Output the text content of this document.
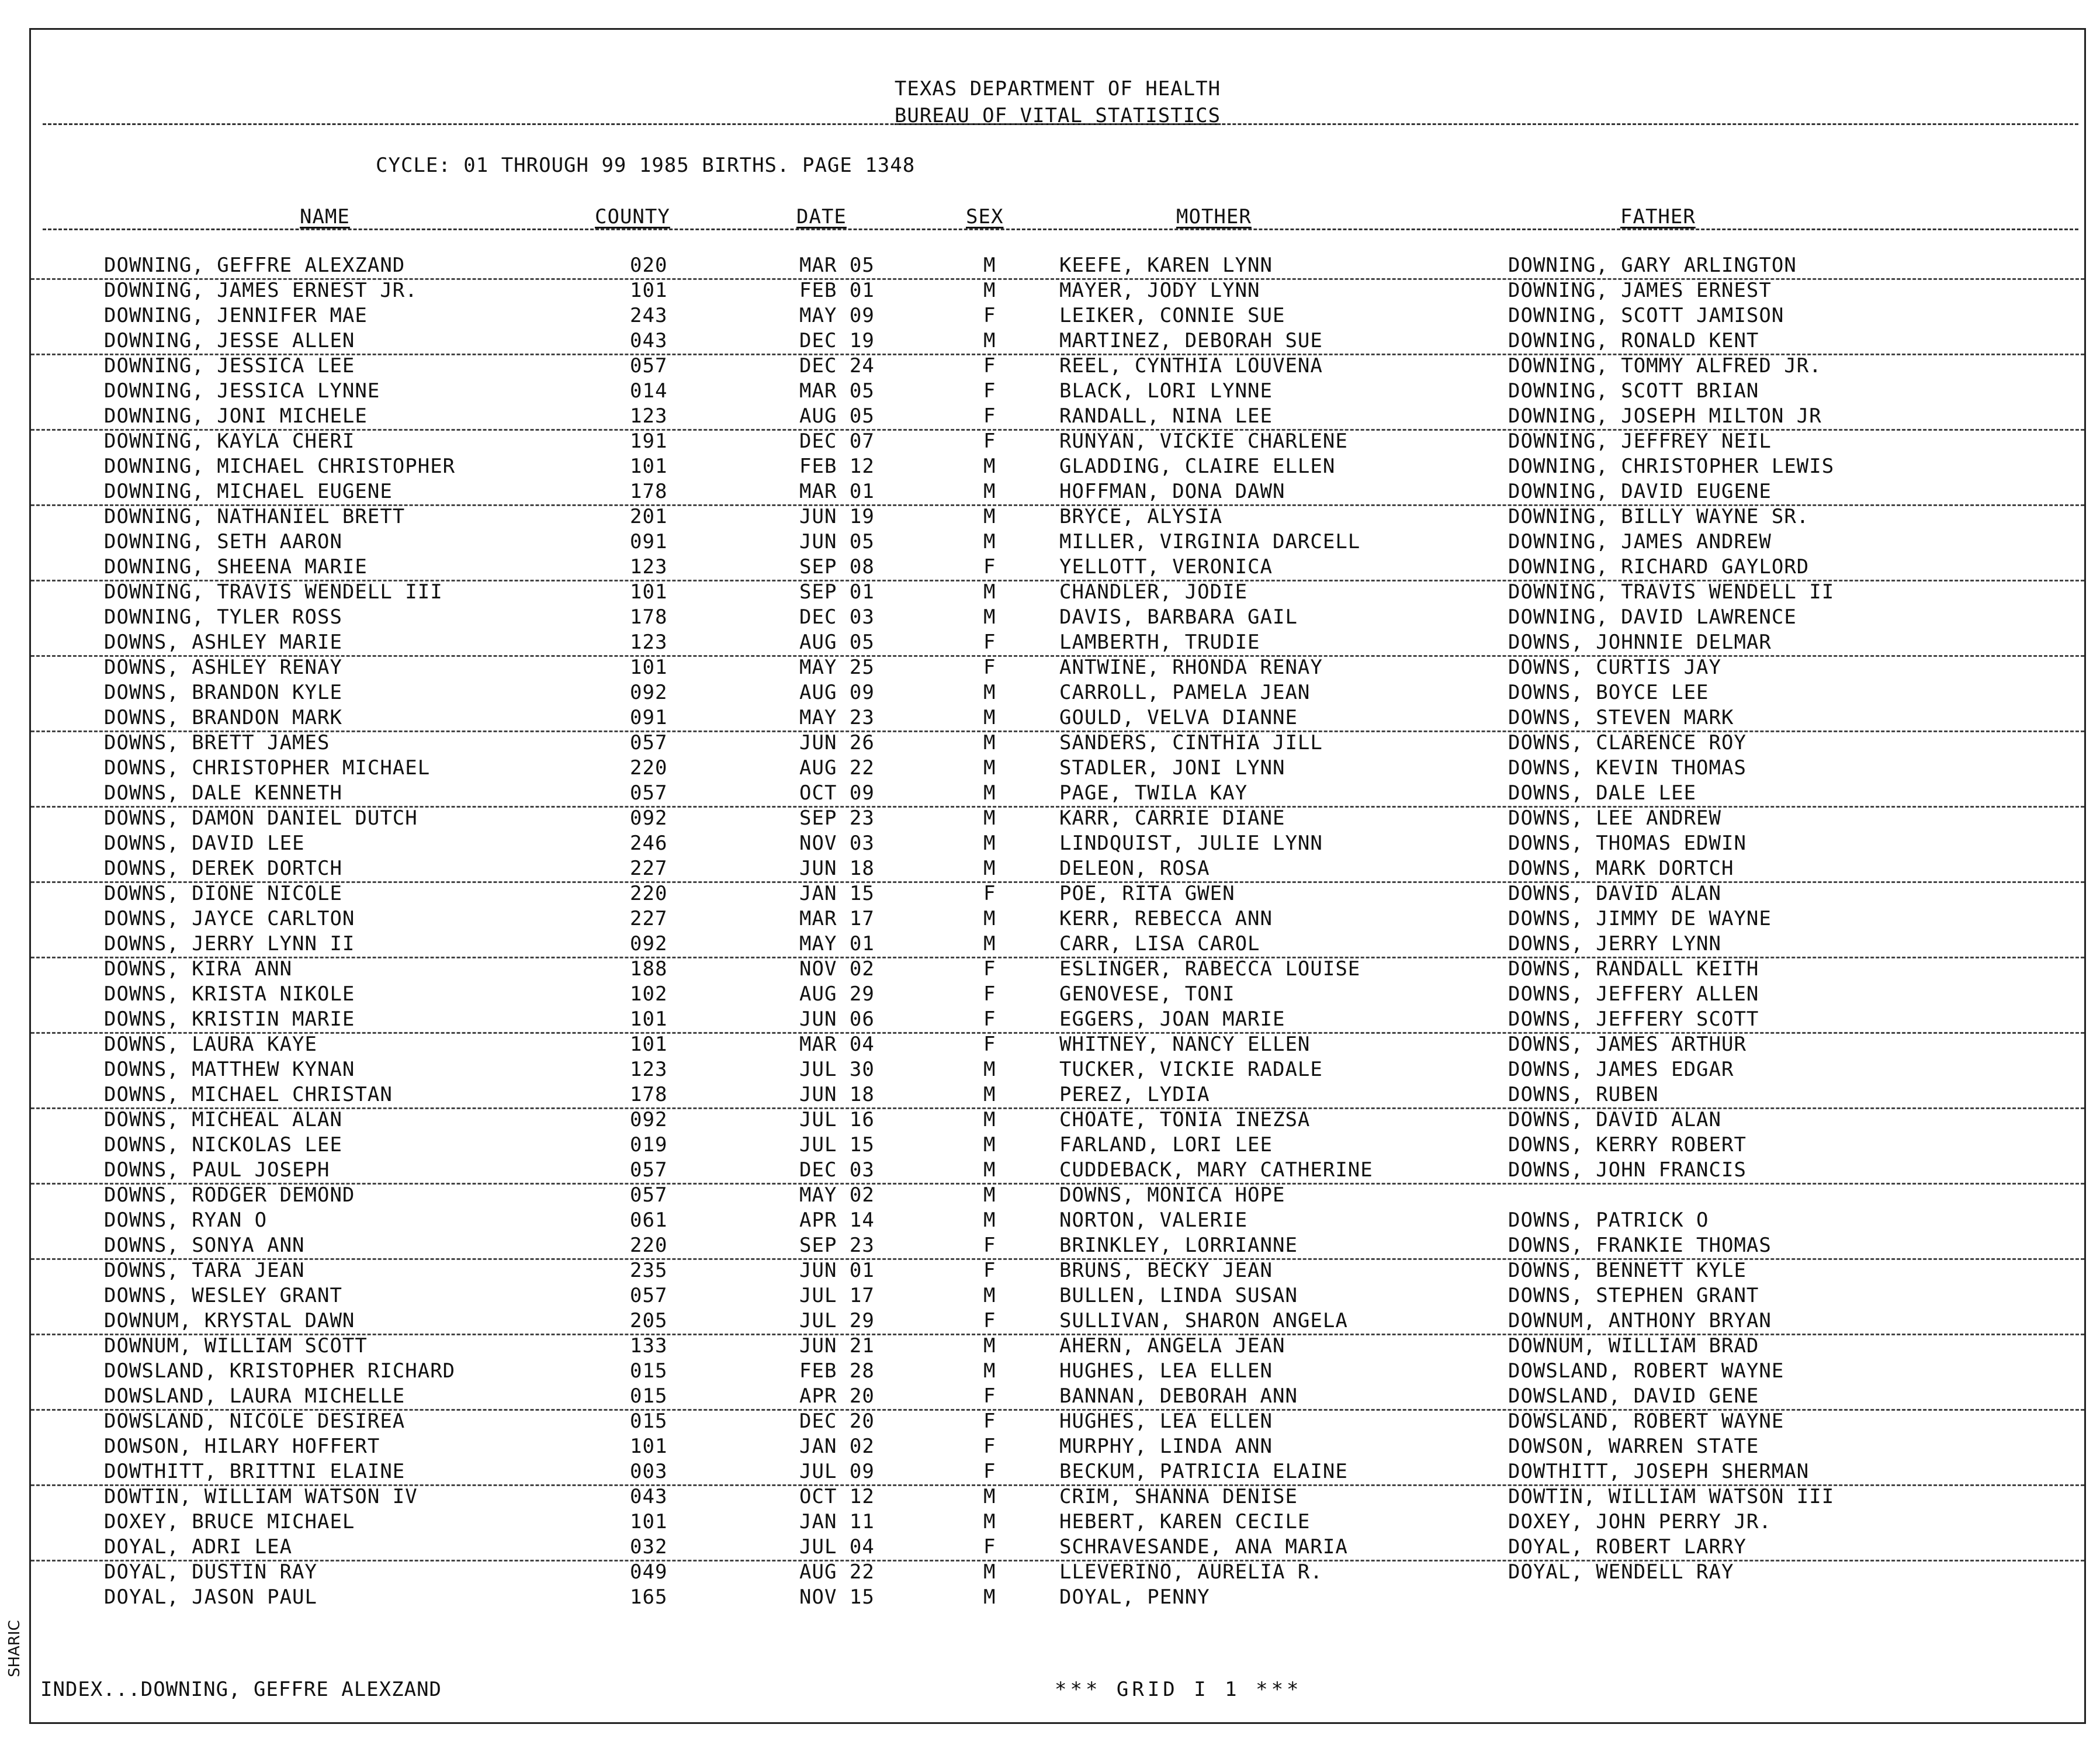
TEXAS DEPARTMENT OF HEALTH
BUREAU OF VITAL STATISTICS
CYCLE: 01 THROUGH 99 1985 BIRTHS. PAGE 1348
NAME	COUNTY	DATE	SEX	MOTHER	FATHER
DOWNING, GEFFRE ALEXZAND	020	MAR 05	M	KEEFE, KAREN LYNN	DOWNING, GARY ARLINGTON
DOWNING, JAMES ERNEST JR.	101	FEB 01	M	MAYER, JODY LYNN	DOWNING, JAMES ERNEST
DOWNING, JENNIFER MAE	243	MAY 09	F	LEIKER, CONNIE SUE	DOWNING, SCOTT JAMISON
DOWNING, JESSE ALLEN	043	DEC 19	M	MARTINEZ, DEBORAH SUE	DOWNING, RONALD KENT
DOWNING, JESSICA LEE	057	DEC 24	F	REEL, CYNTHIA LOUVENA	DOWNING, TOMMY ALFRED JR.
DOWNING, JESSICA LYNNE	014	MAR 05	F	BLACK, LORI LYNNE	DOWNING, SCOTT BRIAN
DOWNING, JONI MICHELE	123	AUG 05	F	RANDALL, NINA LEE	DOWNING, JOSEPH MILTON JR
DOWNING, KAYLA CHERI	191	DEC 07	F	RUNYAN, VICKIE CHARLENE	DOWNING, JEFFREY NEIL
DOWNING, MICHAEL CHRISTOPHER	101	FEB 12	M	GLADDING, CLAIRE ELLEN	DOWNING, CHRISTOPHER LEWIS
DOWNING, MICHAEL EUGENE	178	MAR 01	M	HOFFMAN, DONA DAWN	DOWNING, DAVID EUGENE
DOWNING, NATHANIEL BRETT	201	JUN 19	M	BRYCE, ALYSIA	DOWNING, BILLY WAYNE SR.
DOWNING, SETH AARON	091	JUN 05	M	MILLER, VIRGINIA DARCELL	DOWNING, JAMES ANDREW
DOWNING, SHEENA MARIE	123	SEP 08	F	YELLOTT, VERONICA	DOWNING, RICHARD GAYLORD
DOWNING, TRAVIS WENDELL III	101	SEP 01	M	CHANDLER, JODIE	DOWNING, TRAVIS WENDELL II
DOWNING, TYLER ROSS	178	DEC 03	M	DAVIS, BARBARA GAIL	DOWNING, DAVID LAWRENCE
DOWNS, ASHLEY MARIE	123	AUG 05	F	LAMBERTH, TRUDIE	DOWNS, JOHNNIE DELMAR
DOWNS, ASHLEY RENAY	101	MAY 25	F	ANTWINE, RHONDA RENAY	DOWNS, CURTIS JAY
DOWNS, BRANDON KYLE	092	AUG 09	M	CARROLL, PAMELA JEAN	DOWNS, BOYCE LEE
DOWNS, BRANDON MARK	091	MAY 23	M	GOULD, VELVA DIANNE	DOWNS, STEVEN MARK
DOWNS, BRETT JAMES	057	JUN 26	M	SANDERS, CINTHIA JILL	DOWNS, CLARENCE ROY
DOWNS, CHRISTOPHER MICHAEL	220	AUG 22	M	STADLER, JONI LYNN	DOWNS, KEVIN THOMAS
DOWNS, DALE KENNETH	057	OCT 09	M	PAGE, TWILA KAY	DOWNS, DALE LEE
DOWNS, DAMON DANIEL DUTCH	092	SEP 23	M	KARR, CARRIE DIANE	DOWNS, LEE ANDREW
DOWNS, DAVID LEE	246	NOV 03	M	LINDQUIST, JULIE LYNN	DOWNS, THOMAS EDWIN
DOWNS, DEREK DORTCH	227	JUN 18	M	DELEON, ROSA	DOWNS, MARK DORTCH
DOWNS, DIONE NICOLE	220	JAN 15	F	POE, RITA GWEN	DOWNS, DAVID ALAN
DOWNS, JAYCE CARLTON	227	MAR 17	M	KERR, REBECCA ANN	DOWNS, JIMMY DE WAYNE
DOWNS, JERRY LYNN II	092	MAY 01	M	CARR, LISA CAROL	DOWNS, JERRY LYNN
DOWNS, KIRA ANN	188	NOV 02	F	ESLINGER, RABECCA LOUISE	DOWNS, RANDALL KEITH
DOWNS, KRISTA NIKOLE	102	AUG 29	F	GENOVESE, TONI	DOWNS, JEFFERY ALLEN
DOWNS, KRISTIN MARIE	101	JUN 06	F	EGGERS, JOAN MARIE	DOWNS, JEFFERY SCOTT
DOWNS, LAURA KAYE	101	MAR 04	F	WHITNEY, NANCY ELLEN	DOWNS, JAMES ARTHUR
DOWNS, MATTHEW KYNAN	123	JUL 30	M	TUCKER, VICKIE RADALE	DOWNS, JAMES EDGAR
DOWNS, MICHAEL CHRISTAN	178	JUN 18	M	PEREZ, LYDIA	DOWNS, RUBEN
DOWNS, MICHEAL ALAN	092	JUL 16	M	CHOATE, TONIA INEZSA	DOWNS, DAVID ALAN
DOWNS, NICKOLAS LEE	019	JUL 15	M	FARLAND, LORI LEE	DOWNS, KERRY ROBERT
DOWNS, PAUL JOSEPH	057	DEC 03	M	CUDDEBACK, MARY CATHERINE	DOWNS, JOHN FRANCIS
DOWNS, RODGER DEMOND	057	MAY 02	M	DOWNS, MONICA HOPE
DOWNS, RYAN O	061	APR 14	M	NORTON, VALERIE	DOWNS, PATRICK O
DOWNS, SONYA ANN	220	SEP 23	F	BRINKLEY, LORRIANNE	DOWNS, FRANKIE THOMAS
DOWNS, TARA JEAN	235	JUN 01	F	BRUNS, BECKY JEAN	DOWNS, BENNETT KYLE
DOWNS, WESLEY GRANT	057	JUL 17	M	BULLEN, LINDA SUSAN	DOWNS, STEPHEN GRANT
DOWNUM, KRYSTAL DAWN	205	JUL 29	F	SULLIVAN, SHARON ANGELA	DOWNUM, ANTHONY BRYAN
DOWNUM, WILLIAM SCOTT	133	JUN 21	M	AHERN, ANGELA JEAN	DOWNUM, WILLIAM BRAD
DOWSLAND, KRISTOPHER RICHARD	015	FEB 28	M	HUGHES, LEA ELLEN	DOWSLAND, ROBERT WAYNE
DOWSLAND, LAURA MICHELLE	015	APR 20	F	BANNAN, DEBORAH ANN	DOWSLAND, DAVID GENE
DOWSLAND, NICOLE DESIREA	015	DEC 20	F	HUGHES, LEA ELLEN	DOWSLAND, ROBERT WAYNE
DOWSON, HILARY HOFFERT	101	JAN 02	F	MURPHY, LINDA ANN	DOWSON, WARREN STATE
DOWTHITT, BRITTNI ELAINE	003	JUL 09	F	BECKUM, PATRICIA ELAINE	DOWTHITT, JOSEPH SHERMAN
DOWTIN, WILLIAM WATSON IV	043	OCT 12	M	CRIM, SHANNA DENISE	DOWTIN, WILLIAM WATSON III
DOXEY, BRUCE MICHAEL	101	JAN 11	M	HEBERT, KAREN CECILE	DOXEY, JOHN PERRY JR.
DOYAL, ADRI LEA	032	JUL 04	F	SCHRAVESANDE, ANA MARIA	DOYAL, ROBERT LARRY
DOYAL, DUSTIN RAY	049	AUG 22	M	LLEVERINO, AURELIA R.	DOYAL, WENDELL RAY
DOYAL, JASON PAUL	165	NOV 15	M	DOYAL, PENNY
INDEX...DOWNING, GEFFRE ALEXZAND	*** GRID I 1 ***
SHARIC
